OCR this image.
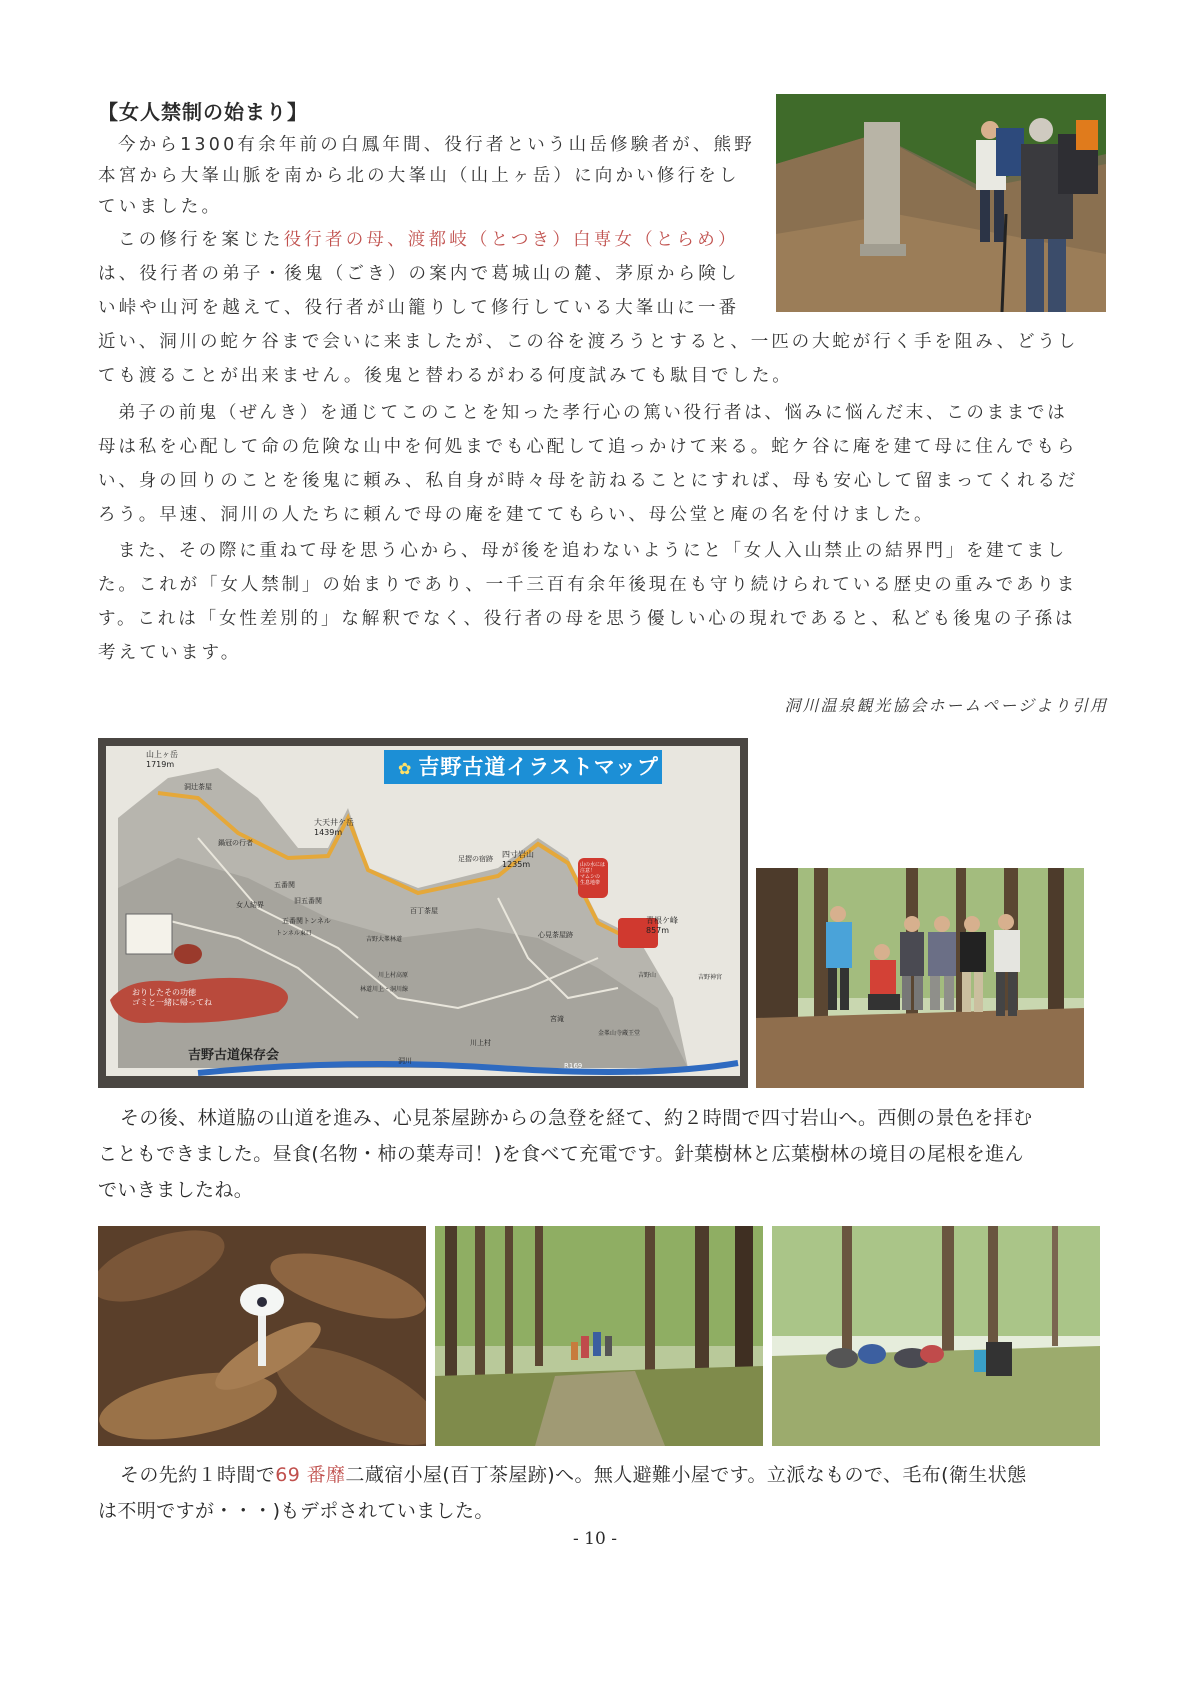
【女人禁制の始まり】
今から1300有余年前の白鳳年間、役行者という山岳修験者が、熊野
本宮から大峯山脈を南から北の大峯山（山上ヶ岳）に向かい修行をし
ていました。
この修行を案じた役行者の母、渡都岐（とつき）白専女（とらめ）
は、役行者の弟子・後鬼（ごき）の案内で葛城山の麓、茅原から険し
い峠や山河を越えて、役行者が山籠りして修行している大峯山に一番
近い、洞川の蛇ケ谷まで会いに来ましたが、この谷を渡ろうとすると、一匹の大蛇が行く手を阻み、どうし
ても渡ることが出来ません。後鬼と替わるがわる何度試みても駄目でした。
弟子の前鬼（ぜんき）を通じてこのことを知った孝行心の篤い役行者は、悩みに悩んだ末、このままでは
母は私を心配して命の危険な山中を何処までも心配して追っかけて来る。蛇ケ谷に庵を建て母に住んでもら
い、身の回りのことを後鬼に頼み、私自身が時々母を訪ねることにすれば、母も安心して留まってくれるだ
ろう。早速、洞川の人たちに頼んで母の庵を建ててもらい、母公堂と庵の名を付けました。
また、その際に重ねて母を思う心から、母が後を追わないようにと「女人入山禁止の結界門」を建てまし
た。これが「女人禁制」の始まりであり、一千三百有余年後現在も守り続けられている歴史の重みでありま
す。これは「女性差別的」な解釈でなく、役行者の母を思う優しい心の現れであると、私ども後鬼の子孫は
考えています。
洞川温泉観光協会ホームページより引用
✿ 吉野古道イラストマップ
山上ヶ岳
1719m
大天井ケ岳
1439m
四寸岩山
1235m
青根ケ峰
857m
洞辻茶屋
鍋冠の行者
五番関
旧五番関
女人結界
五番関トンネル
トンネル東口
百丁茶屋
足摺の宿跡
心見茶屋跡
吉野大峯林道
川上村高原
林道川上・洞川線
川上村
吉野山
金峯山寺蔵王堂
吉野神宮
宮滝
洞川
R169
おりしたその功徳
ゴミと一緒に帰ってね
山の水には
注意！
マムシの
生息地帯
吉野古道保存会
その後、林道脇の山道を進み、心見茶屋跡からの急登を経て、約２時間で四寸岩山へ。西側の景色を拝む
こともできました。昼食(名物・柿の葉寿司！)を食べて充電です。針葉樹林と広葉樹林の境目の尾根を進ん
でいきましたね。
その先約１時間で69 番靡二蔵宿小屋(百丁茶屋跡)へ。無人避難小屋です。立派なもので、毛布(衛生状態
は不明ですが・・・)もデポされていました。
- 10 -
